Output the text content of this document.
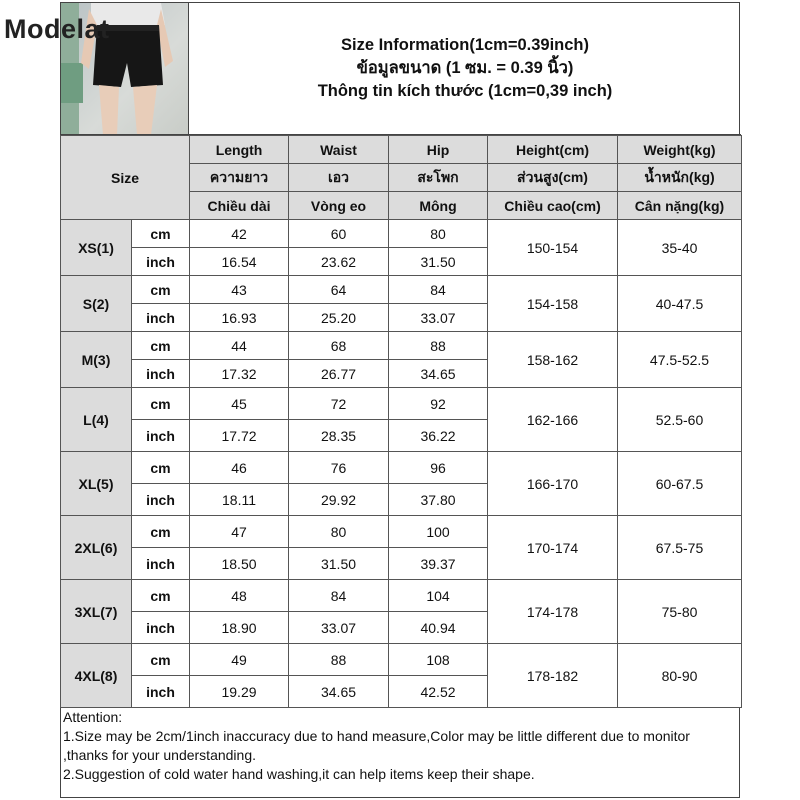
Modelat
Size Information(1cm=0.39inch)
ข้อมูลขนาด (1 ซม. = 0.39 นิ้ว)
Thông tin kích thước (1cm=0,39 inch)
Size		Length	Waist	Hip	Height(cm)	Weight(kg)
		ความยาว	เอว	สะโพก	ส่วนสูง(cm)	น้ำหนัก(kg)
		Chiều dài	Vòng eo	Mông	Chiều cao(cm)	Cân nặng(kg)
XS(1)	cm	42	60	80	150-154	35-40
	inch	16.54	23.62	31.50		
S(2)	cm	43	64	84	154-158	40-47.5
	inch	16.93	25.20	33.07		
M(3)	cm	44	68	88	158-162	47.5-52.5
	inch	17.32	26.77	34.65		
L(4)	cm	45	72	92	162-166	52.5-60
	inch	17.72	28.35	36.22		
XL(5)	cm	46	76	96	166-170	60-67.5
	inch	18.11	29.92	37.80		
2XL(6)	cm	47	80	100	170-174	67.5-75
	inch	18.50	31.50	39.37		
3XL(7)	cm	48	84	104	174-178	75-80
	inch	18.90	33.07	40.94		
4XL(8)	cm	49	88	108	178-182	80-90
	inch	19.29	34.65	42.52		
Attention:
1.Size may be 2cm/1inch inaccuracy due to hand measure,Color may be little different due to monitor
,thanks for your understanding.
2.Suggestion of cold water hand washing,it can help items keep their shape.
